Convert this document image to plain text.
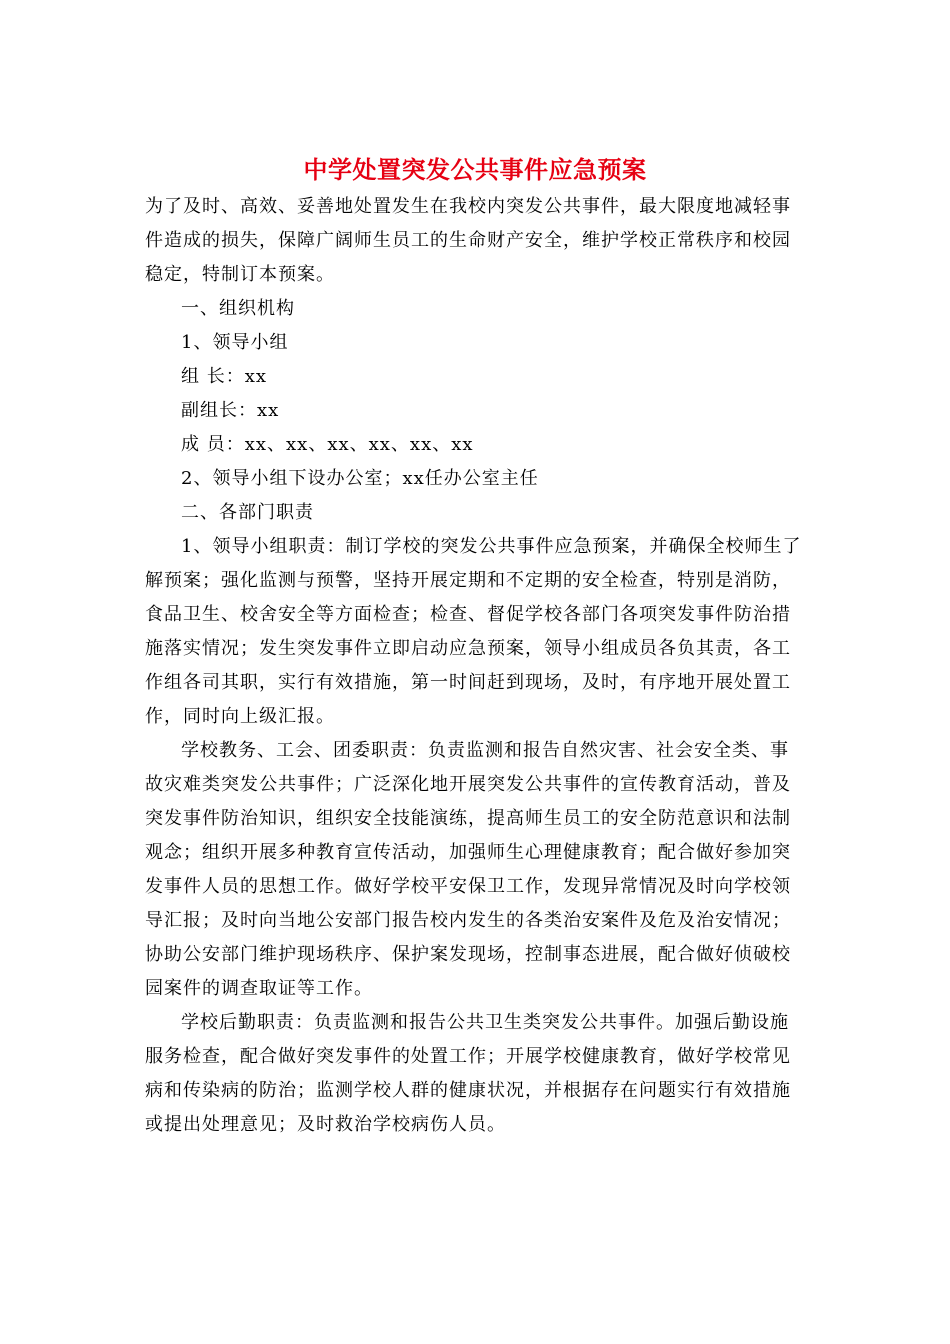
中学处置突发公共事件应急预案

为了及时、高效、妥善地处置发生在我校内突发公共事件，最大限度地减轻事件造成的损失，保障广阔师生员工的生命财产安全，维护学校正常秩序和校园稳定，特制订本预案。

一、组织机构

1、领导小组

组 长：xx

副组长：xx

成 员：xx、xx、xx、xx、xx、xx

2、领导小组下设办公室；xx任办公室主任

二、各部门职责

1、领导小组职责：制订学校的突发公共事件应急预案，并确保全校师生了解预案；强化监测与预警，坚持开展定期和不定期的安全检查，特别是消防，食品卫生、校舍安全等方面检查；检查、督促学校各部门各项突发事件防治措施落实情况；发生突发事件立即启动应急预案，领导小组成员各负其责，各工作组各司其职，实行有效措施，第一时间赶到现场，及时，有序地开展处置工作，同时向上级汇报。

学校教务、工会、团委职责：负责监测和报告自然灾害、社会安全类、事故灾难类突发公共事件；广泛深化地开展突发公共事件的宣传教育活动，普及突发事件防治知识，组织安全技能演练，提高师生员工的安全防范意识和法制观念；组织开展多种教育宣传活动，加强师生心理健康教育；配合做好参加突发事件人员的思想工作。做好学校平安保卫工作，发现异常情况及时向学校领导汇报；及时向当地公安部门报告校内发生的各类治安案件及危及治安情况；协助公安部门维护现场秩序、保护案发现场，控制事态进展，配合做好侦破校园案件的调查取证等工作。

学校后勤职责：负责监测和报告公共卫生类突发公共事件。加强后勤设施服务检查，配合做好突发事件的处置工作；开展学校健康教育，做好学校常见病和传染病的防治；监测学校人群的健康状况，并根据存在问题实行有效措施或提出处理意见；及时救治学校病伤人员。
